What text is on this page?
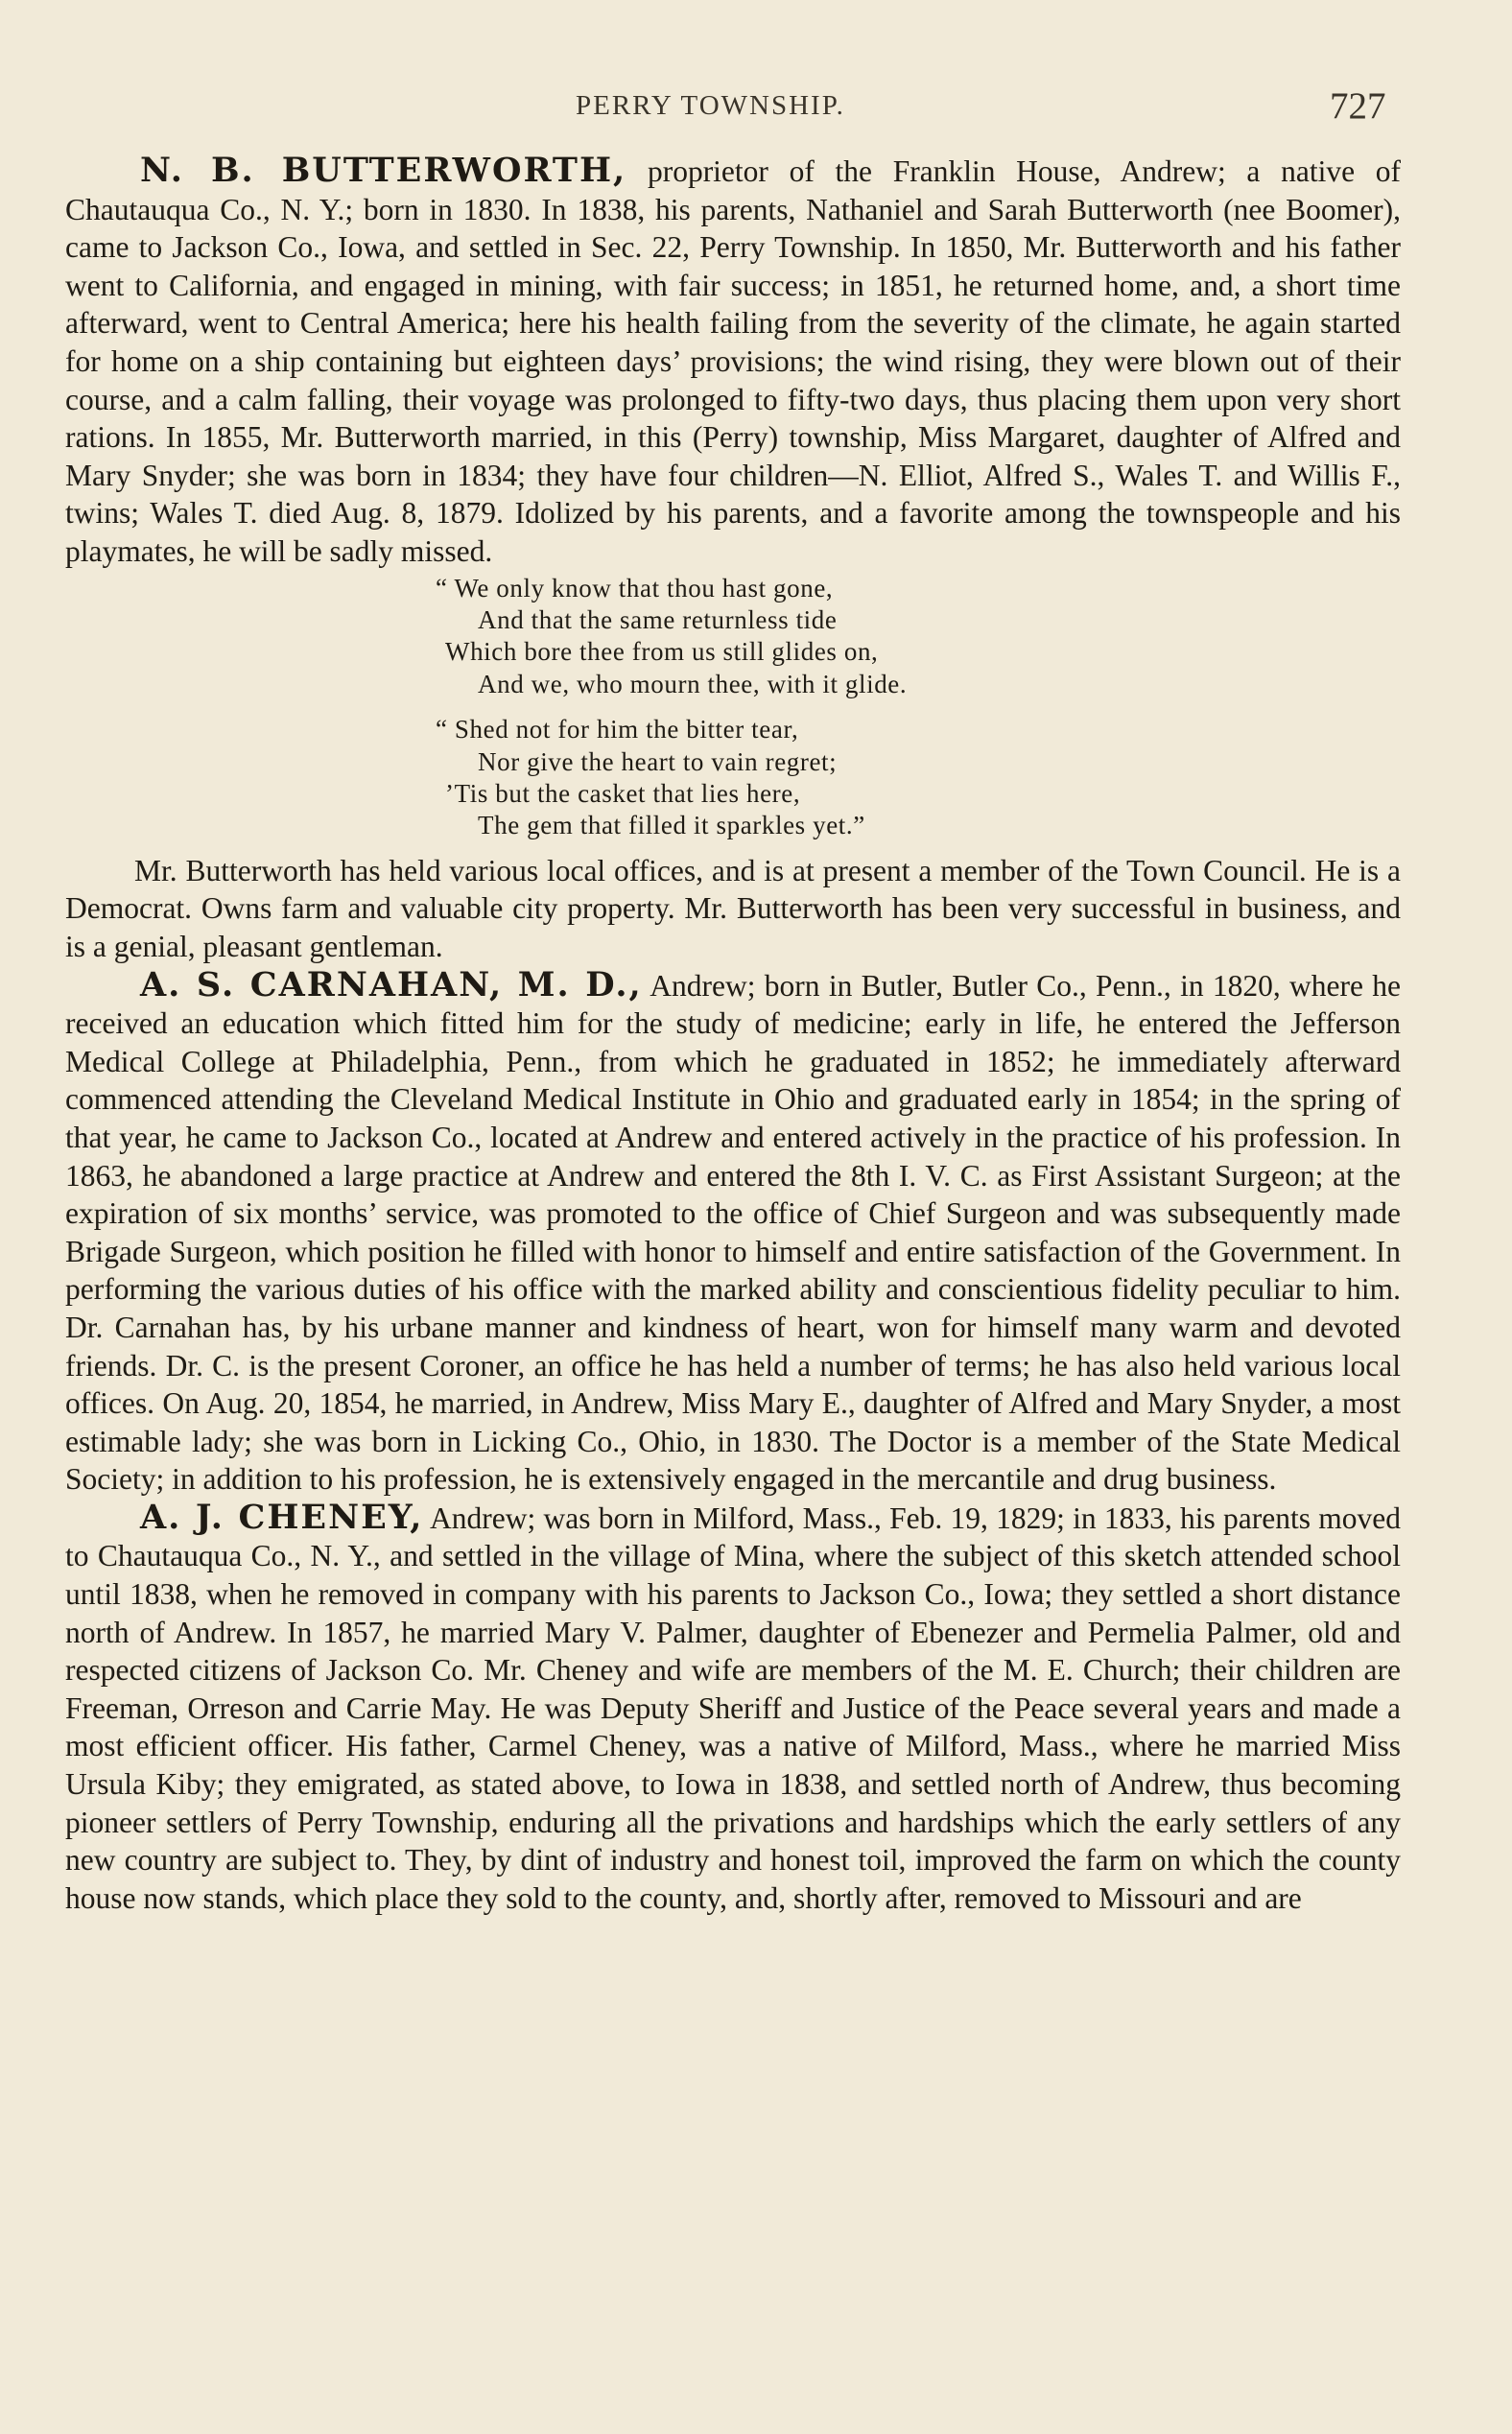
PERRY TOWNSHIP.	727

N. B. BUTTERWORTH, proprietor of the Franklin House, Andrew; a native of Chautauqua Co., N. Y.; born in 1830. In 1838, his parents, Nathaniel and Sarah Butterworth (nee Boomer), came to Jackson Co., Iowa, and settled in Sec. 22, Perry Township. In 1850, Mr. Butterworth and his father went to California, and engaged in mining, with fair success; in 1851, he returned home, and, a short time afterward, went to Central America; here his health failing from the severity of the climate, he again started for home on a ship containing but eighteen days’ provisions; the wind rising, they were blown out of their course, and a calm falling, their voyage was prolonged to fifty-two days, thus placing them upon very short rations. In 1855, Mr. Butterworth married, in this (Perry) township, Miss Margaret, daughter of Alfred and Mary Snyder; she was born in 1834; they have four children—N. Elliot, Alfred S., Wales T. and Willis F., twins; Wales T. died Aug. 8, 1879. Idolized by his parents, and a favorite among the townspeople and his playmates, he will be sadly missed.

“ We only know that thou hast gone,
And that the same returnless tide
Which bore thee from us still glides on,
And we, who mourn thee, with it glide.

“ Shed not for him the bitter tear,
Nor give the heart to vain regret;
’Tis but the casket that lies here,
The gem that filled it sparkles yet.”

Mr. Butterworth has held various local offices, and is at present a member of the Town Council. He is a Democrat. Owns farm and valuable city property. Mr. Butterworth has been very successful in business, and is a genial, pleasant gentleman.

A. S. CARNAHAN, M. D., Andrew; born in Butler, Butler Co., Penn., in 1820, where he received an education which fitted him for the study of medicine; early in life, he entered the Jefferson Medical College at Philadelphia, Penn., from which he graduated in 1852; he immediately afterward commenced attending the Cleveland Medical Institute in Ohio and graduated early in 1854; in the spring of that year, he came to Jackson Co., located at Andrew and entered actively in the practice of his profession. In 1863, he abandoned a large practice at Andrew and entered the 8th I. V. C. as First Assistant Surgeon; at the expiration of six months’ service, was promoted to the office of Chief Surgeon and was subsequently made Brigade Surgeon, which position he filled with honor to himself and entire satisfaction of the Government. In performing the various duties of his office with the marked ability and conscientious fidelity peculiar to him. Dr. Carnahan has, by his urbane manner and kindness of heart, won for himself many warm and devoted friends. Dr. C. is the present Coroner, an office he has held a number of terms; he has also held various local offices. On Aug. 20, 1854, he married, in Andrew, Miss Mary E., daughter of Alfred and Mary Snyder, a most estimable lady; she was born in Licking Co., Ohio, in 1830. The Doctor is a member of the State Medical Society; in addition to his profession, he is extensively engaged in the mercantile and drug business.

A. J. CHENEY, Andrew; was born in Milford, Mass., Feb. 19, 1829; in 1833, his parents moved to Chautauqua Co., N. Y., and settled in the village of Mina, where the subject of this sketch attended school until 1838, when he removed in company with his parents to Jackson Co., Iowa; they settled a short distance north of Andrew. In 1857, he married Mary V. Palmer, daughter of Ebenezer and Permelia Palmer, old and respected citizens of Jackson Co. Mr. Cheney and wife are members of the M. E. Church; their children are Freeman, Orreson and Carrie May. He was Deputy Sheriff and Justice of the Peace several years and made a most efficient officer. His father, Carmel Cheney, was a native of Milford, Mass., where he married Miss Ursula Kiby; they emigrated, as stated above, to Iowa in 1838, and settled north of Andrew, thus becoming pioneer settlers of Perry Township, enduring all the privations and hardships which the early settlers of any new country are subject to. They, by dint of industry and honest toil, improved the farm on which the county house now stands, which place they sold to the county, and, shortly after, removed to Missouri and are
